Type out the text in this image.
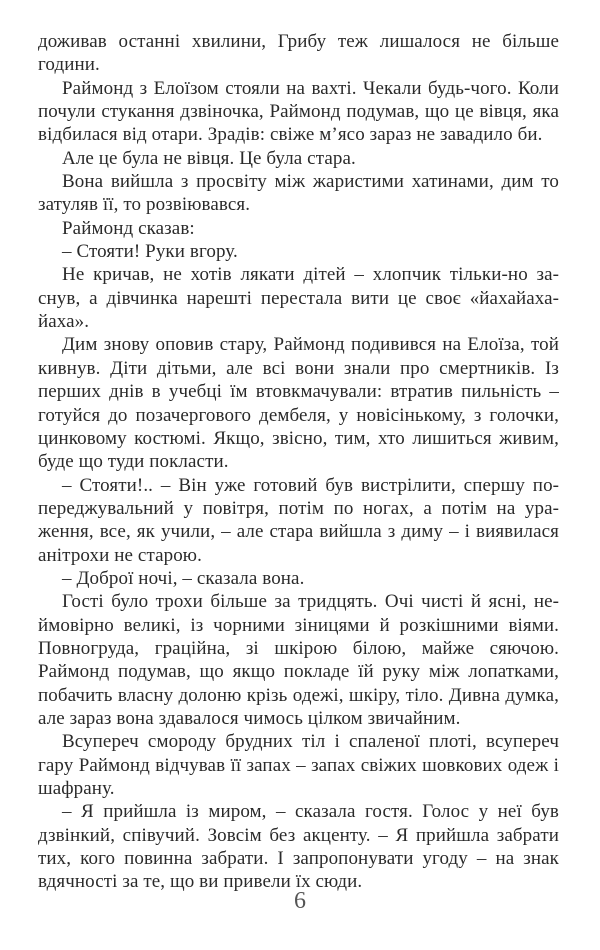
доживав останні хвилини, Грибу теж лишалося не більше години.

Раймонд з Елоїзом стояли на вахті. Чекали будь-чого. Коли почули стукання дзвіночка, Раймонд подумав, що це вівця, яка відбилася від отари. Зрадів: свіже м’ясо зараз не завадило би.

Але це була не вівця. Це була стара.

Вона вийшла з просвіту між жаристими хатинами, дим то затуляв її, то розвіювався.

Раймонд сказав:

– Стояти! Руки вгору.

Не кричав, не хотів лякати дітей – хлопчик тільки-но заснув, а дівчинка нарешті перестала вити це своє «йахайахайаха».

Дим знову оповив стару, Раймонд подивився на Елоїза, той кивнув. Діти дітьми, але всі вони знали про смертників. Із перших днів в учебці їм втовкмачували: втратив пильність – готуйся до позачергового дембеля, у новісінькому, з голочки, цинковому костюмі. Якщо, звісно, тим, хто лишиться живим, буде що туди покласти.

– Стояти!.. – Він уже готовий був вистрілити, спершу попереджувальний у повітря, потім по ногах, а потім на ураження, все, як учили, – але стара вийшла з диму – і виявилася анітрохи не старою.

– Доброї ночі, – сказала вона.

Гості було трохи більше за тридцять. Очі чисті й ясні, неймовірно великі, із чорними зіницями й розкішними віями. Повногруда, граційна, зі шкірою білою, майже сяючою. Раймонд подумав, що якщо покладе їй руку між лопатками, побачить власну долоню крізь одежі, шкіру, тіло. Дивна думка, але зараз вона здавалося чимось цілком звичайним.

Всупереч смороду брудних тіл і спаленої плоті, всупереч гару Раймонд відчував її запах – запах свіжих шовкових одеж і шафрану.

– Я прийшла із миром, – сказала гостя. Голос у неї був дзвінкий, співучий. Зовсім без акценту. – Я прийшла забрати тих, кого повинна забрати. І запропонувати угоду – на знак вдячності за те, що ви привели їх сюди.

6
